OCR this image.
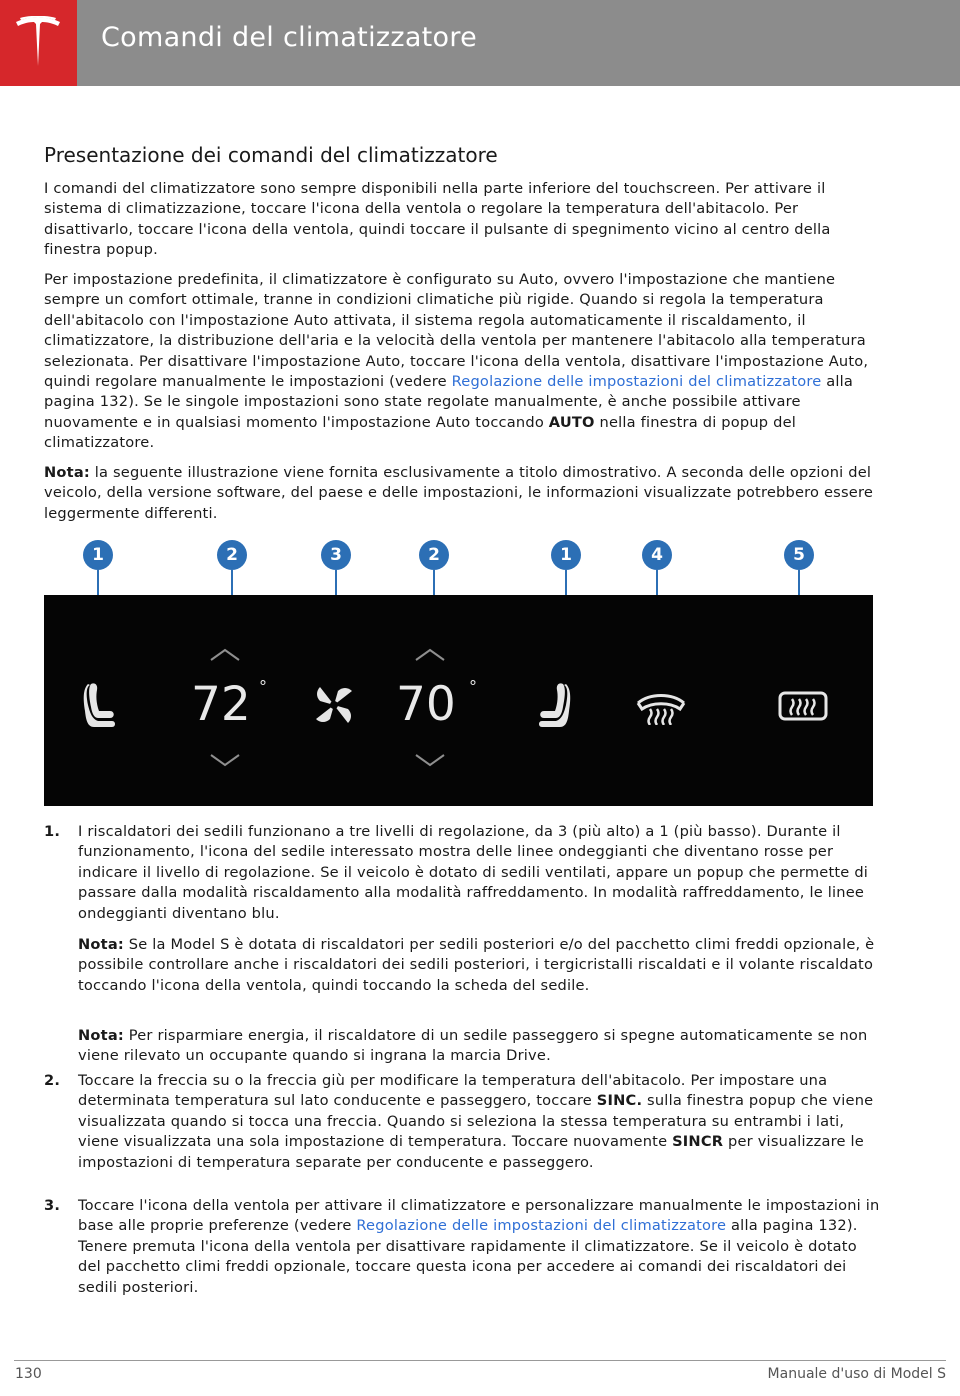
Comandi del climatizzatore
Presentazione dei comandi del climatizzatore

I comandi del climatizzatore sono sempre disponibili nella parte inferiore del touchscreen. Per attivare il sistema di climatizzazione, toccare l'icona della ventola o regolare la temperatura dell'abitacolo. Per disattivarlo, toccare l'icona della ventola, quindi toccare il pulsante di spegnimento vicino al centro della finestra popup.

Per impostazione predefinita, il climatizzatore è configurato su Auto, ovvero l'impostazione che mantiene sempre un comfort ottimale, tranne in condizioni climatiche più rigide. Quando si regola la temperatura dell'abitacolo con l'impostazione Auto attivata, il sistema regola automaticamente il riscaldamento, il climatizzatore, la distribuzione dell'aria e la velocità della ventola per mantenere l'abitacolo alla temperatura selezionata. Per disattivare l'impostazione Auto, toccare l'icona della ventola, disattivare l'impostazione Auto, quindi regolare manualmente le impostazioni (vedere Regolazione delle impostazioni del climatizzatore alla pagina 132). Se le singole impostazioni sono state regolate manualmente, è anche possibile attivare nuovamente e in qualsiasi momento l'impostazione Auto toccando AUTO nella finestra di popup del climatizzatore.

Nota: la seguente illustrazione viene fornita esclusivamente a titolo dimostrativo. A seconda delle opzioni del veicolo, della versione software, del paese e delle impostazioni, le informazioni visualizzate potrebbero essere leggermente differenti.

1	2	3	2	1	4	5
72 °	70 °
1. I riscaldatori dei sedili funzionano a tre livelli di regolazione, da 3 (più alto) a 1 (più basso). Durante il funzionamento, l'icona del sedile interessato mostra delle linee ondeggianti che diventano rosse per indicare il livello di regolazione. Se il veicolo è dotato di sedili ventilati, appare un popup che permette di passare dalla modalità riscaldamento alla modalità raffreddamento. In modalità raffreddamento, le linee ondeggianti diventano blu.
Nota: Se la Model S è dotata di riscaldatori per sedili posteriori e/o del pacchetto climi freddi opzionale, è possibile controllare anche i riscaldatori dei sedili posteriori, i tergicristalli riscaldati e il volante riscaldato toccando l'icona della ventola, quindi toccando la scheda del sedile.
Nota: Per risparmiare energia, il riscaldatore di un sedile passeggero si spegne automaticamente se non viene rilevato un occupante quando si ingrana la marcia Drive.
2. Toccare la freccia su o la freccia giù per modificare la temperatura dell'abitacolo. Per impostare una determinata temperatura sul lato conducente e passeggero, toccare SINC. sulla finestra popup che viene visualizzata quando si tocca una freccia. Quando si seleziona la stessa temperatura su entrambi i lati, viene visualizzata una sola impostazione di temperatura. Toccare nuovamente SINCR per visualizzare le impostazioni di temperatura separate per conducente e passeggero.
3. Toccare l'icona della ventola per attivare il climatizzatore e personalizzare manualmente le impostazioni in base alle proprie preferenze (vedere Regolazione delle impostazioni del climatizzatore alla pagina 132). Tenere premuta l'icona della ventola per disattivare rapidamente il climatizzatore. Se il veicolo è dotato del pacchetto climi freddi opzionale, toccare questa icona per accedere ai comandi dei riscaldatori dei sedili posteriori.
130	Manuale d'uso di Model S
